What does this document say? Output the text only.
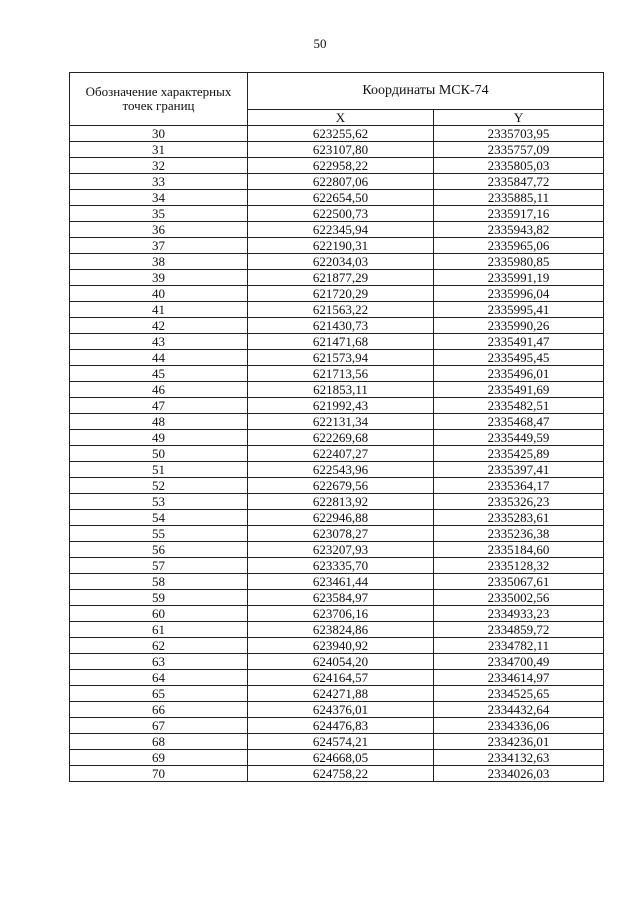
50
Обозначение характерных точек границ	Координаты МСК-74	
	X	Y
30	623255,62	2335703,95
31	623107,80	2335757,09
32	622958,22	2335805,03
33	622807,06	2335847,72
34	622654,50	2335885,11
35	622500,73	2335917,16
36	622345,94	2335943,82
37	622190,31	2335965,06
38	622034,03	2335980,85
39	621877,29	2335991,19
40	621720,29	2335996,04
41	621563,22	2335995,41
42	621430,73	2335990,26
43	621471,68	2335491,47
44	621573,94	2335495,45
45	621713,56	2335496,01
46	621853,11	2335491,69
47	621992,43	2335482,51
48	622131,34	2335468,47
49	622269,68	2335449,59
50	622407,27	2335425,89
51	622543,96	2335397,41
52	622679,56	2335364,17
53	622813,92	2335326,23
54	622946,88	2335283,61
55	623078,27	2335236,38
56	623207,93	2335184,60
57	623335,70	2335128,32
58	623461,44	2335067,61
59	623584,97	2335002,56
60	623706,16	2334933,23
61	623824,86	2334859,72
62	623940,92	2334782,11
63	624054,20	2334700,49
64	624164,57	2334614,97
65	624271,88	2334525,65
66	624376,01	2334432,64
67	624476,83	2334336,06
68	624574,21	2334236,01
69	624668,05	2334132,63
70	624758,22	2334026,03
